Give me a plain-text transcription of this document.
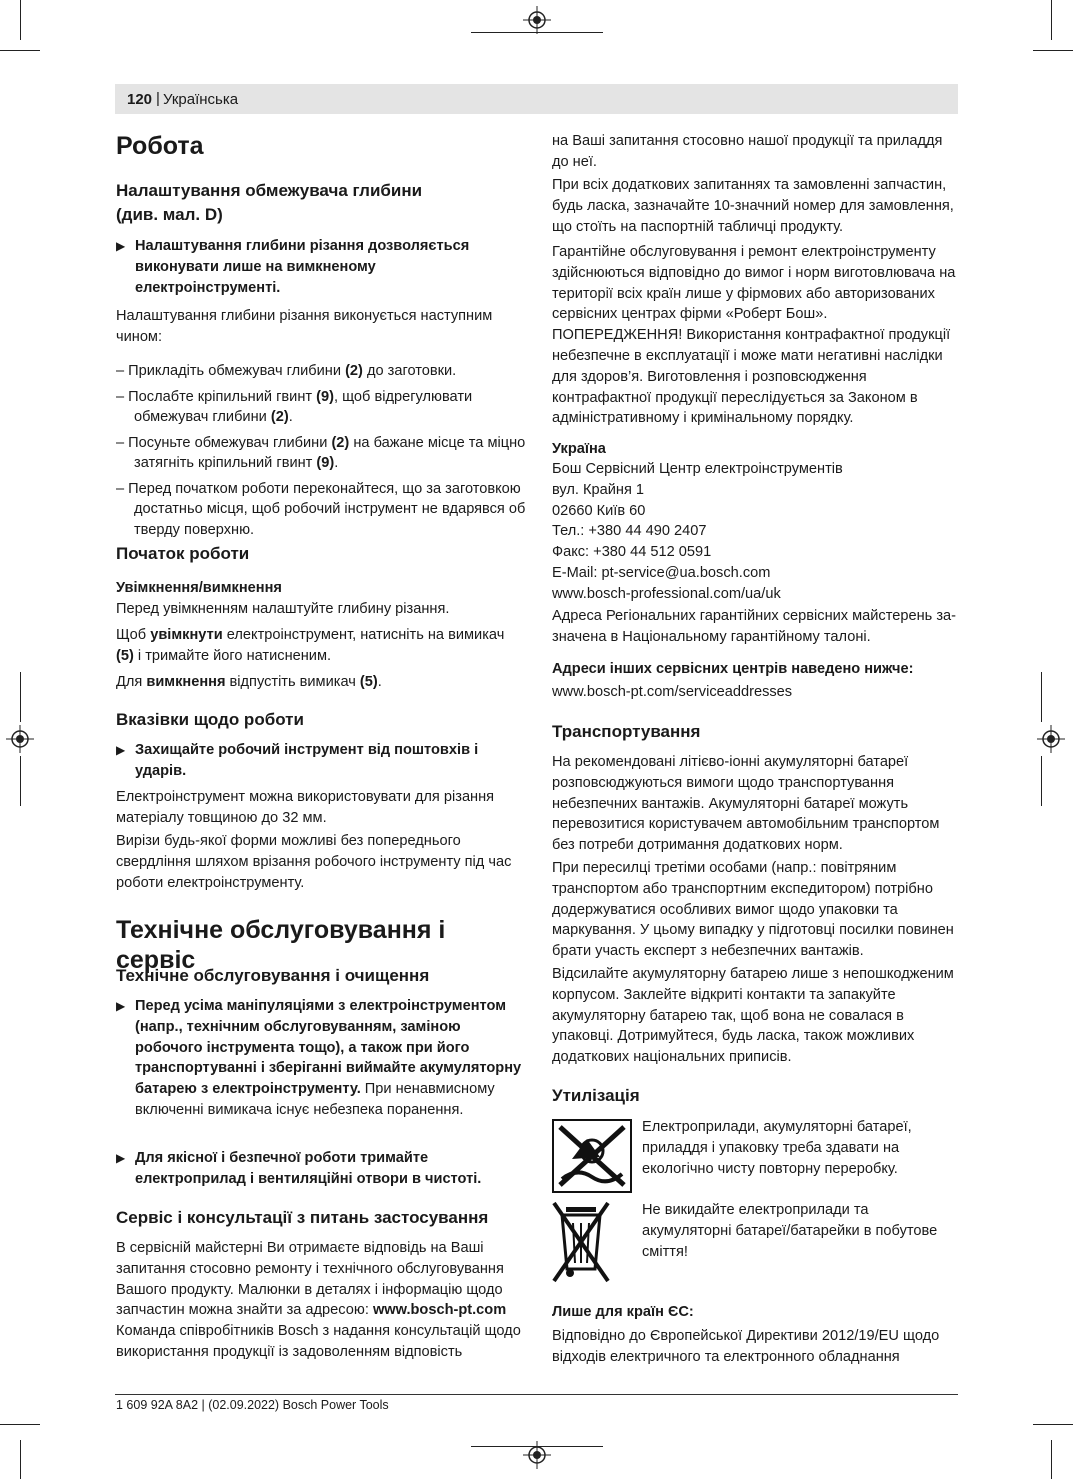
120 | Українська
Робота
Налаштування обмежувача глибини (див. мал. D)
▶ Налаштування глибини різання дозволяється виконувати лише на вимкненому електроінструменті.

Налаштування глибини різання виконується наступним чином:

– Прикладіть обмежувач глибини (2) до заготовки.

– Послабте кріпильний гвинт (9), щоб відрегулювати обмежувач глибини (2).

– Посуньте обмежувач глибини (2) на бажане місце та міцно затягніть кріпильний гвинт (9).

– Перед початком роботи переконайтеся, що за заготовкою достатньо місця, щоб робочий інструмент не вдарявся об тверду поверхню.

Початок роботи
Увімкнення/вимкнення

Перед увімкненням налаштуйте глибину різання.

Щоб увімкнути електроінструмент, натисніть на вимикач (5) і тримайте його натисненим.

Для вимкнення відпустіть вимикач (5).

Вказівки щодо роботи
▶ Захищайте робочий інструмент від поштовхів і ударів.

Електроінструмент можна використовувати для різання матеріалу товщиною до 32 мм.

Вирізи будь-якої форми можливі без попереднього свердління шляхом врізання робочого інструменту під час роботи електроінструменту.

Технічне обслуговування і сервіс
Технічне обслуговування і очищення
▶ Перед усіма маніпуляціями з електроінструментом (напр., технічним обслуговуванням, заміною робочого інструмента тощо), а також при його транспортуванні і зберіганні виймайте акумуляторну батарею з електроінструменту. При ненавмисному включенні вимикача існує небезпека поранення.
▶ Для якісної і безпечної роботи тримайте електроприлад і вентиляційні отвори в чистоті.
Сервіс і консультації з питань застосування

В сервісній майстерні Ви отримаєте відповідь на Ваші запитання стосовно ремонту і технічного обслуговування Вашого продукту. Малюнки в деталях і інформацію щодо запчастин можна знайти за адресою: www.bosch-pt.com
Команда співробітників Bosch з надання консультацій щодо використання продукції із задоволенням відповість

на Ваші запитання стосовно нашої продукції та приладдя до неї.

При всіх додаткових запитаннях та замовленні запчастин, будь ласка, зазначайте 10-значний номер для замовлення, що стоїть на паспортній табличці продукту.

Гарантійне обслуговування і ремонт електроінструменту здійснюються відповідно до вимог і норм виготовлювача на території всіх країн лише у фірмових або авторизованих сервісних центрах фірми «Роберт Бош». ПОПЕРЕДЖЕННЯ! Використання контрафактної продукції небезпечне в експлуатації і може мати негативні наслідки для здоров’я. Виготовлення і розповсюдження контрафактної продукції переслідується за Законом в адміністративному і кримінальному порядку.

Україна
Бош Сервісний Центр електроінструментів
вул. Крайня 1
02660 Київ 60
Тел.: +380 44 490 2407
Факс: +380 44 512 0591
E-Mail: pt-service@ua.bosch.com
www.bosch-professional.com/ua/uk

Адреса Регіональних гарантійних сервісних майстерень за- значена в Національному гарантійному талоні.

Адреси інших сервісних центрів наведено нижче:

www.bosch-pt.com/serviceaddresses

Транспортування

На рекомендовані літієво-іонні акумуляторні батареї розповсюджуються вимоги щодо транспортування небезпечних вантажів. Акумуляторні батареї можуть перевозитися користувачем автомобільним транспортом без потреби дотримання додаткових норм.

При пересилці третіми особами (напр.: повітряним транспортом або транспортним експедитором) потрібно додержуватися особливих вимог щодо упаковки та маркування. У цьому випадку у підготовці посилки повинен брати участь експерт з небезпечних вантажів.

Відсилайте акумуляторну батарею лише з непошкодженим корпусом. Заклейте відкриті контакти та запакуйте акумуляторну батарею так, щоб вона не совалася в упаковці. Дотримуйтеся, будь ласка, також можливих додаткових національних приписів.

Утилізація

Електроприлади, акумуляторні батареї, приладдя і упаковку треба здавати на екологічно чисту повторну переробку.

Не викидайте електроприлади та акумуляторні батареї/батарейки в побутове сміття!

Лише для країн ЄС:

Відповідно до Європейської Директиви 2012/19/EU щодо відходів електричного та електронного обладнання

1 609 92A 8A2 | (02.09.2022) Bosch Power Tools
